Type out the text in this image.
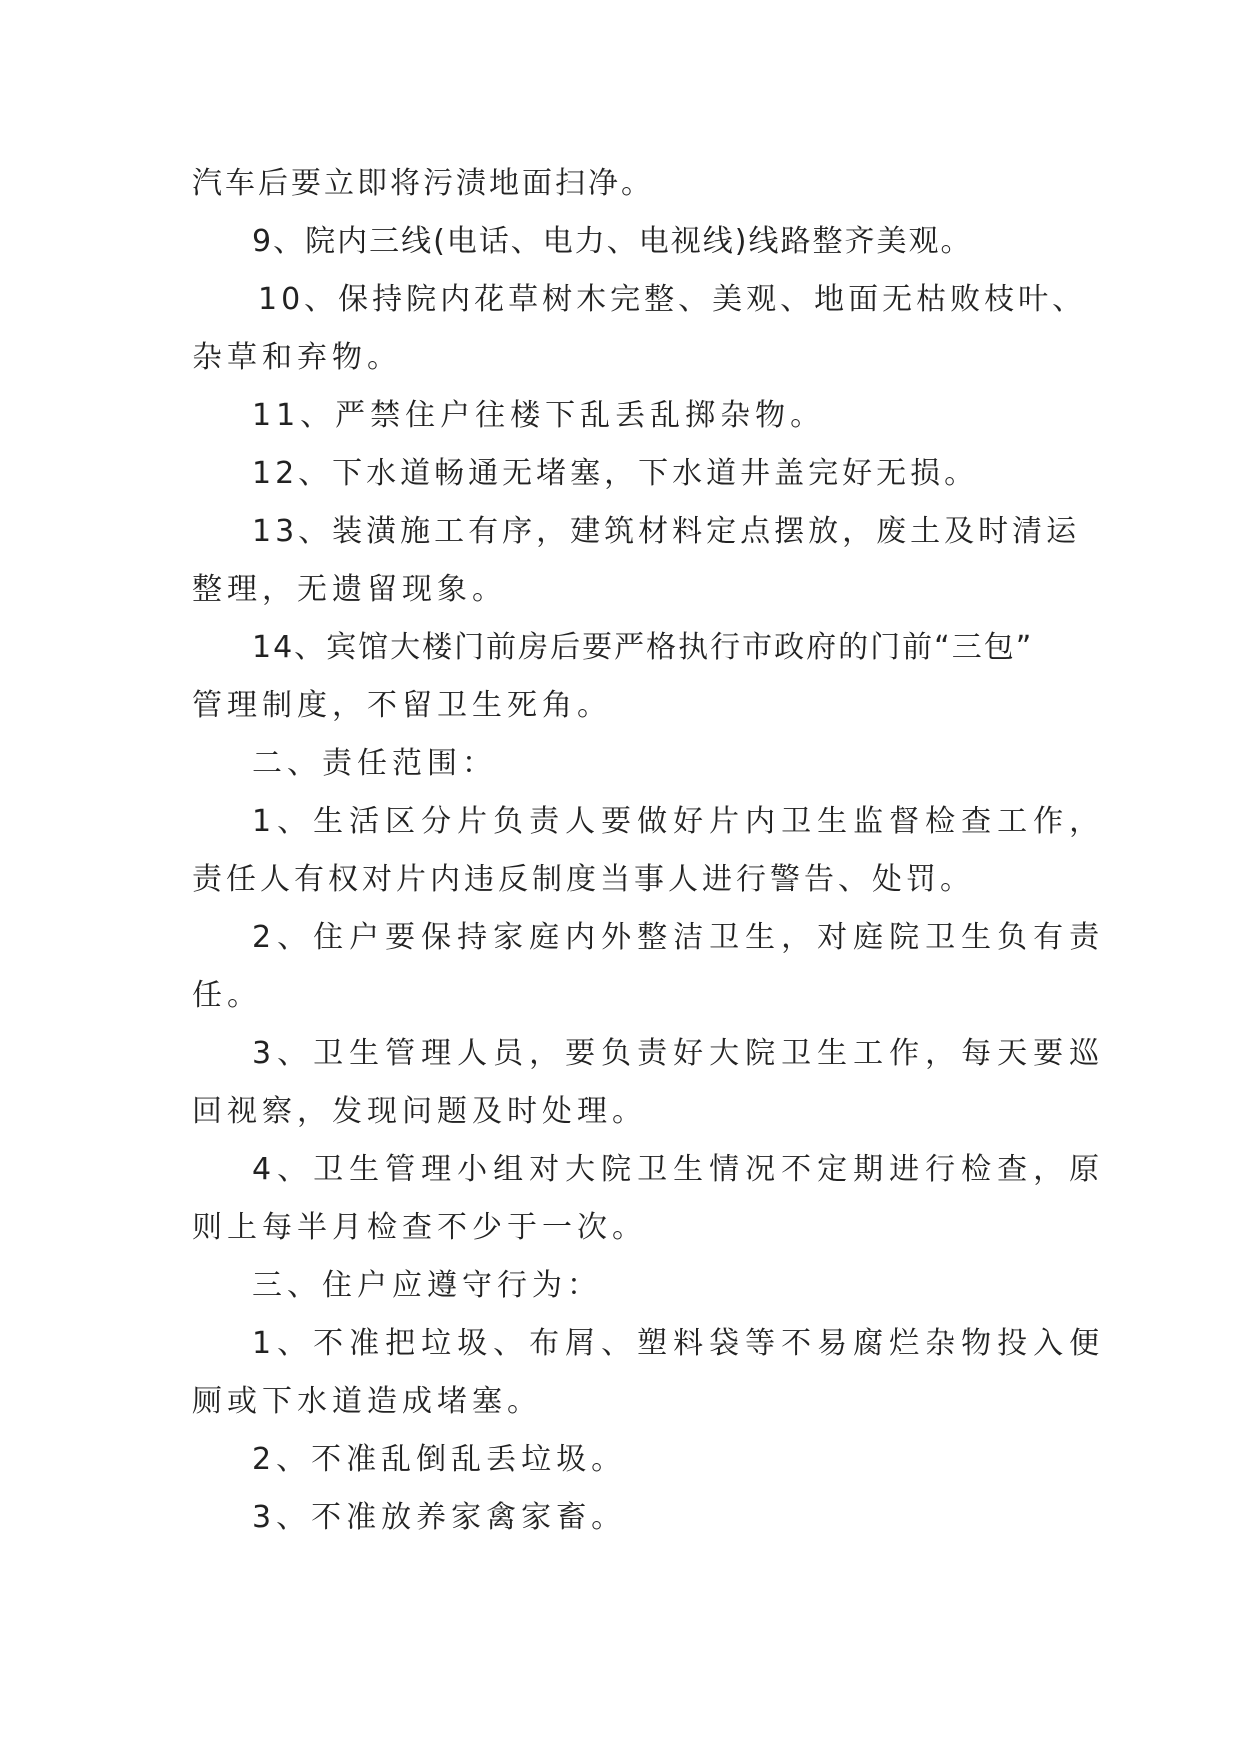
汽车后要立即将污渍地面扫净。
9、院内三线(电话、电力、电视线)线路整齐美观。
10、保持院内花草树木完整、美观、地面无枯败枝叶、
杂草和弃物。
11、严禁住户往楼下乱丢乱掷杂物。
12、下水道畅通无堵塞，下水道井盖完好无损。
13、装潢施工有序，建筑材料定点摆放，废土及时清运
整理，无遗留现象。
14、宾馆大楼门前房后要严格执行市政府的门前“三包”
管理制度，不留卫生死角。
二、责任范围：
1、生活区分片负责人要做好片内卫生监督检查工作，
责任人有权对片内违反制度当事人进行警告、处罚。
2、住户要保持家庭内外整洁卫生，对庭院卫生负有责
任。
3、卫生管理人员，要负责好大院卫生工作，每天要巡
回视察，发现问题及时处理。
4、卫生管理小组对大院卫生情况不定期进行检查，原
则上每半月检查不少于一次。
三、住户应遵守行为：
1、不准把垃圾、布屑、塑料袋等不易腐烂杂物投入便
厕或下水道造成堵塞。
2、不准乱倒乱丢垃圾。
3、不准放养家禽家畜。
